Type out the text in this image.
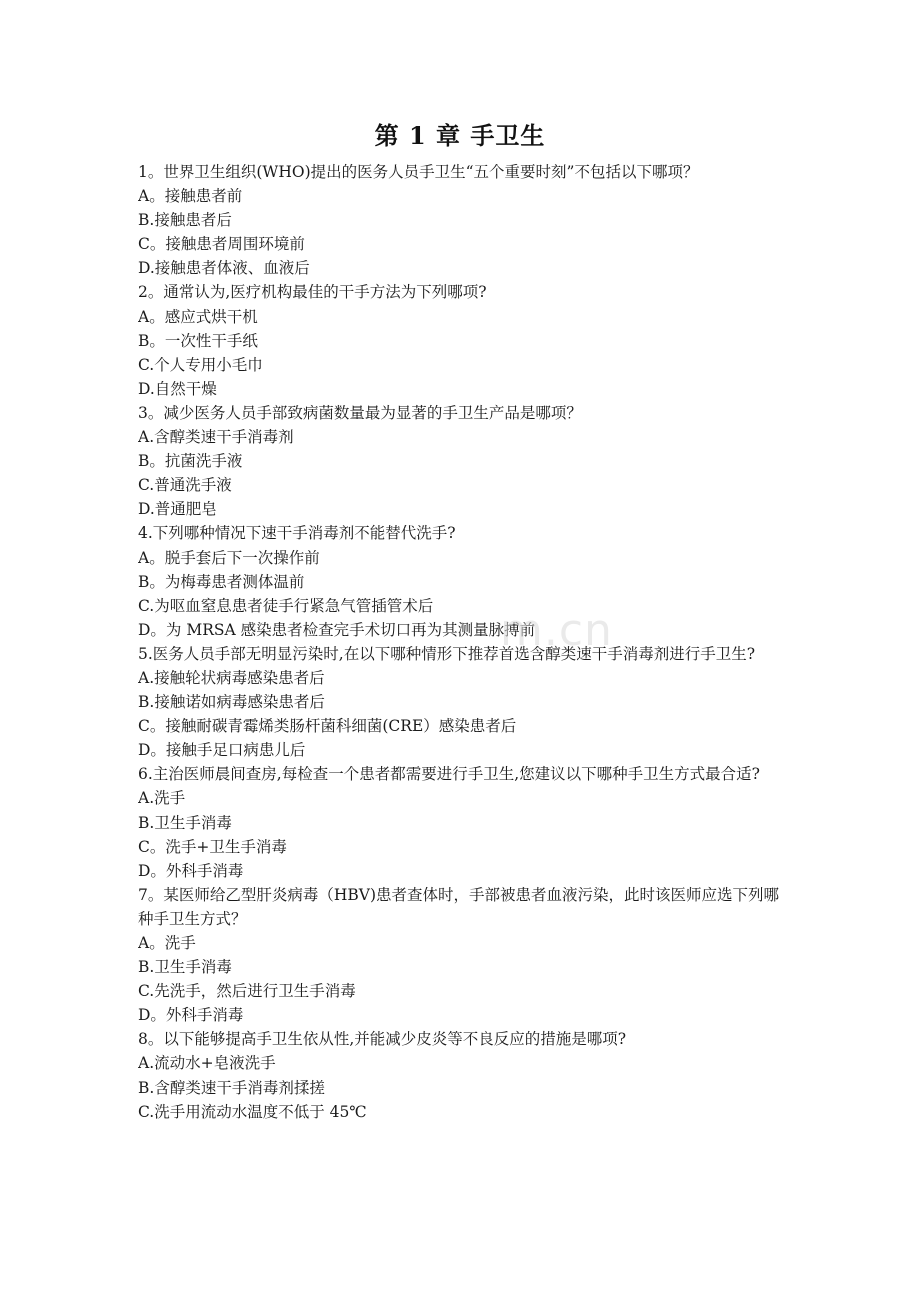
第 1 章 手卫生
1。世界卫生组织(WHO)提出的医务人员手卫生“五个重要时刻”不包括以下哪项？
A。接触患者前
B.接触患者后
C。接触患者周围环境前
D.接触患者体液、血液后
2。通常认为,医疗机构最佳的干手方法为下列哪项?
A。感应式烘干机
B。一次性干手纸
C.个人专用小毛巾
D.自然干燥
3。减少医务人员手部致病菌数量最为显著的手卫生产品是哪项？
A.含醇类速干手消毒剂
B。抗菌洗手液
C.普通洗手液
D.普通肥皂
4.下列哪种情况下速干手消毒剂不能替代洗手?
A。脱手套后下一次操作前
B。为梅毒患者测体温前
C.为呕血窒息患者徒手行紧急气管插管术后
D。为 MRSA 感染患者检查完手术切口再为其测量脉搏前
5.医务人员手部无明显污染时,在以下哪种情形下推荐首选含醇类速干手消毒剂进行手卫生?
A.接触轮状病毒感染患者后
B.接触诺如病毒感染患者后
C。接触耐碳青霉烯类肠杆菌科细菌(CRE）感染患者后
D。接触手足口病患儿后
6.主治医师晨间查房,每检查一个患者都需要进行手卫生,您建议以下哪种手卫生方式最合适?
A.洗手
B.卫生手消毒
C。洗手+卫生手消毒
D。外科手消毒
7。某医师给乙型肝炎病毒（HBV)患者查体时，手部被患者血液污染，此时该医师应选下列哪种手卫生方式？
A。洗手
B.卫生手消毒
C.先洗手，然后进行卫生手消毒
D。外科手消毒
8。以下能够提高手卫生依从性,并能减少皮炎等不良反应的措施是哪项?
A.流动水+皂液洗手
B.含醇类速干手消毒剂揉搓
C.洗手用流动水温度不低于 45℃
m.cn
